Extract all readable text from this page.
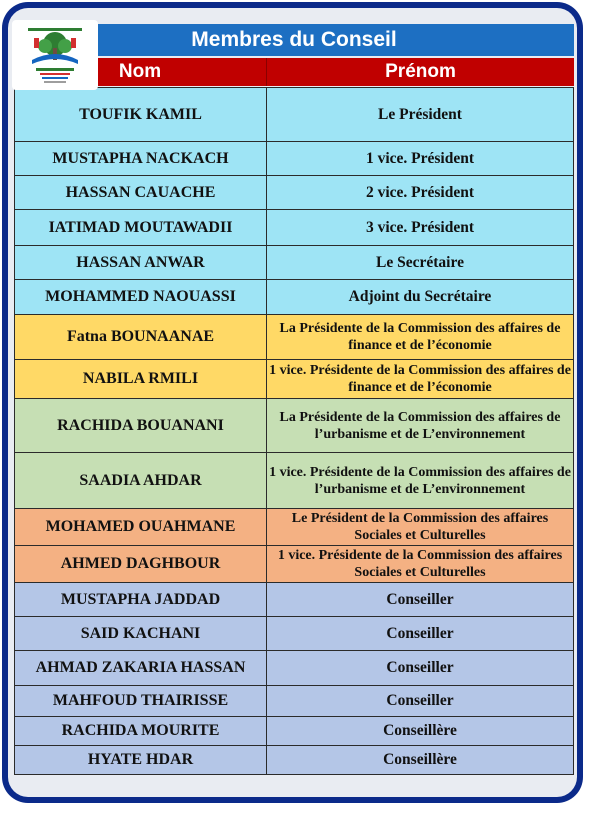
Membres du Conseil
Nom	Prénom
TOUFIK KAMIL	Le Président
MUSTAPHA NACKACH	1 vice. Président
HASSAN CAUACHE	2 vice. Président
IATIMAD MOUTAWADII	3 vice. Président
HASSAN ANWAR	Le Secrétaire
MOHAMMED NAOUASSI	Adjoint du Secrétaire
Fatna BOUNAANAE	La Présidente de la Commission des affaires de finance et de l’économie
NABILA RMILI	1 vice. Présidente de la Commission des affaires de finance et de l’économie
RACHIDA BOUANANI	La Présidente de la Commission des affaires de l’urbanisme et de L’environnement
SAADIA AHDAR	1 vice. Présidente de la Commission des affaires de l’urbanisme et de L’environnement
MOHAMED OUAHMANE	Le Président de la Commission des affaires Sociales et Culturelles
AHMED DAGHBOUR	1 vice. Présidente de la Commission des affaires Sociales et Culturelles
MUSTAPHA JADDAD	Conseiller
SAID KACHANI	Conseiller
AHMAD ZAKARIA HASSAN	Conseiller
MAHFOUD THAIRISSE	Conseiller
RACHIDA MOURITE	Conseillère
HYATE HDAR	Conseillère
